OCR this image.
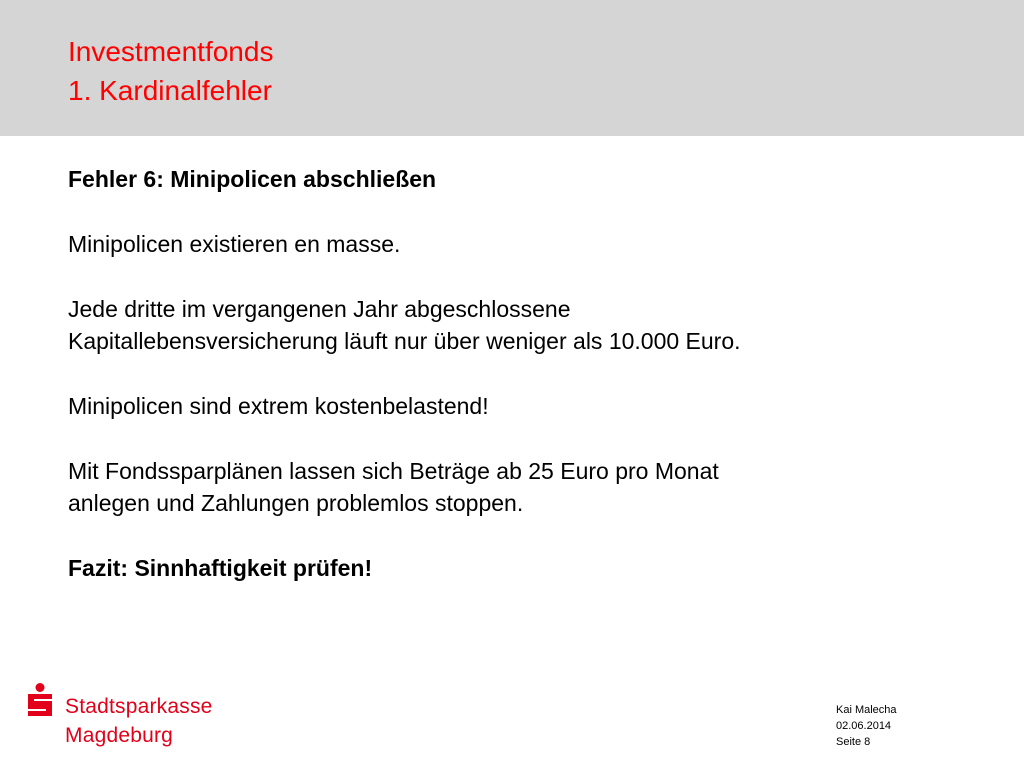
Investmentfonds
1. Kardinalfehler

Fehler 6: Minipolicen abschließen

Minipolicen existieren en masse.

Jede dritte im vergangenen Jahr abgeschlossene
Kapitallebensversicherung läuft nur über weniger als 10.000 Euro.

Minipolicen sind extrem kostenbelastend!

Mit Fondssparplänen lassen sich Beträge ab 25 Euro pro Monat
anlegen und Zahlungen problemlos stoppen.

Fazit: Sinnhaftigkeit prüfen!

Stadtsparkasse
Magdeburg
Kai Malecha
02.06.2014
Seite 8
